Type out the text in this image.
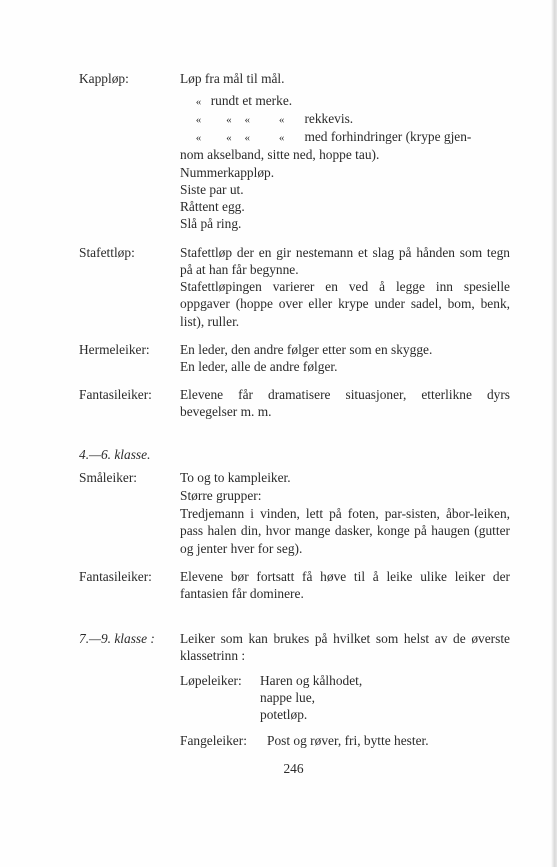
Kappløp:	Løp fra mål til mål.
« rundt et merke.
« « «	« rekkevis.
« « «	« med forhindringer (krype gjen-
nom akselband, sitte ned, hoppe tau).
Nummerkappløp.
Siste par ut.
Råttent egg.
Slå på ring.
Stafettløp:	Stafettløp der en gir nestemann et slag på hånden som tegn på at han får begynne.
Stafettløpingen varierer en ved å legge inn spesielle oppgaver (hoppe over eller krype under sadel, bom, benk, list), ruller.
Hermeleiker: En leder, den andre følger etter som en skygge.
En leder, alle de andre følger.
Fantasileiker: Elevene får dramatisere situasjoner, etterlikne dyrs bevegelser m. m.
4.—6. klasse.
Småleiker:	To og to kampleiker.
Større grupper:
Tredjemann i vinden, lett på foten, par-sisten, åbor-leiken, pass halen din, hvor mange dasker, konge på haugen (gutter og jenter hver for seg).
Fantasileiker: Elevene bør fortsatt få høve til å leike ulike leiker der fantasien får dominere.
7.—9. klasse : Leiker som kan brukes på hvilket som helst av de øverste klassetrinn :
Løpeleiker: Haren og kålhodet,
nappe lue,
potetløp.
Fangeleiker: Post og røver, fri, bytte hester.
246
